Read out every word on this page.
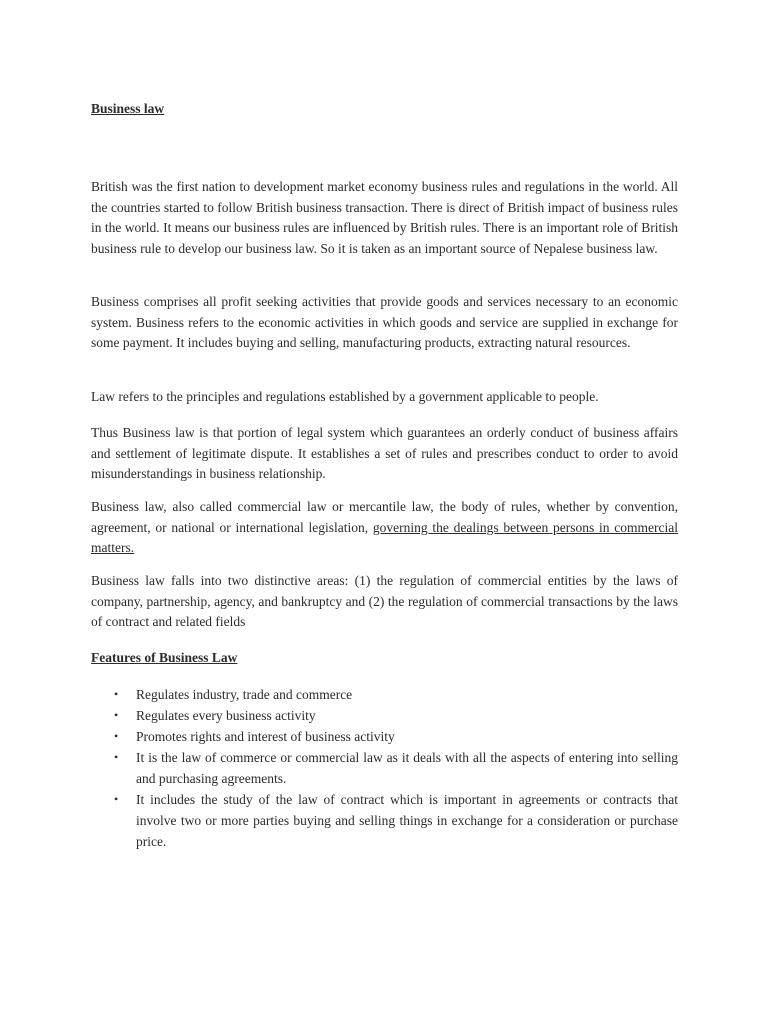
Business law

British was the first nation to development market economy business rules and regulations in the world. All the countries started to follow British business transaction. There is direct of British impact of business rules in the world. It means our business rules are influenced by British rules. There is an important role of British business rule to develop our business law. So it is taken as an important source of Nepalese business law.

Business comprises all profit seeking activities that provide goods and services necessary to an economic system. Business refers to the economic activities in which goods and service are supplied in exchange for some payment. It includes buying and selling, manufacturing products, extracting natural resources.

Law refers to the principles and regulations established by a government applicable to people.

Thus Business law is that portion of legal system which guarantees an orderly conduct of business affairs and settlement of legitimate dispute. It establishes a set of rules and prescribes conduct to order to avoid misunderstandings in business relationship.

Business law, also called commercial law or mercantile law, the body of rules, whether by convention, agreement, or national or international legislation, governing the dealings between persons in commercial matters.

Business law falls into two distinctive areas: (1) the regulation of commercial entities by the laws of company, partnership, agency, and bankruptcy and (2) the regulation of commercial transactions by the laws of contract and related fields

Features of Business Law
• Regulates industry, trade and commerce
• Regulates every business activity
• Promotes rights and interest of business activity
• It is the law of commerce or commercial law as it deals with all the aspects of entering into selling and purchasing agreements.
• It includes the study of the law of contract which is important in agreements or contracts that involve two or more parties buying and selling things in exchange for a consideration or purchase price.
